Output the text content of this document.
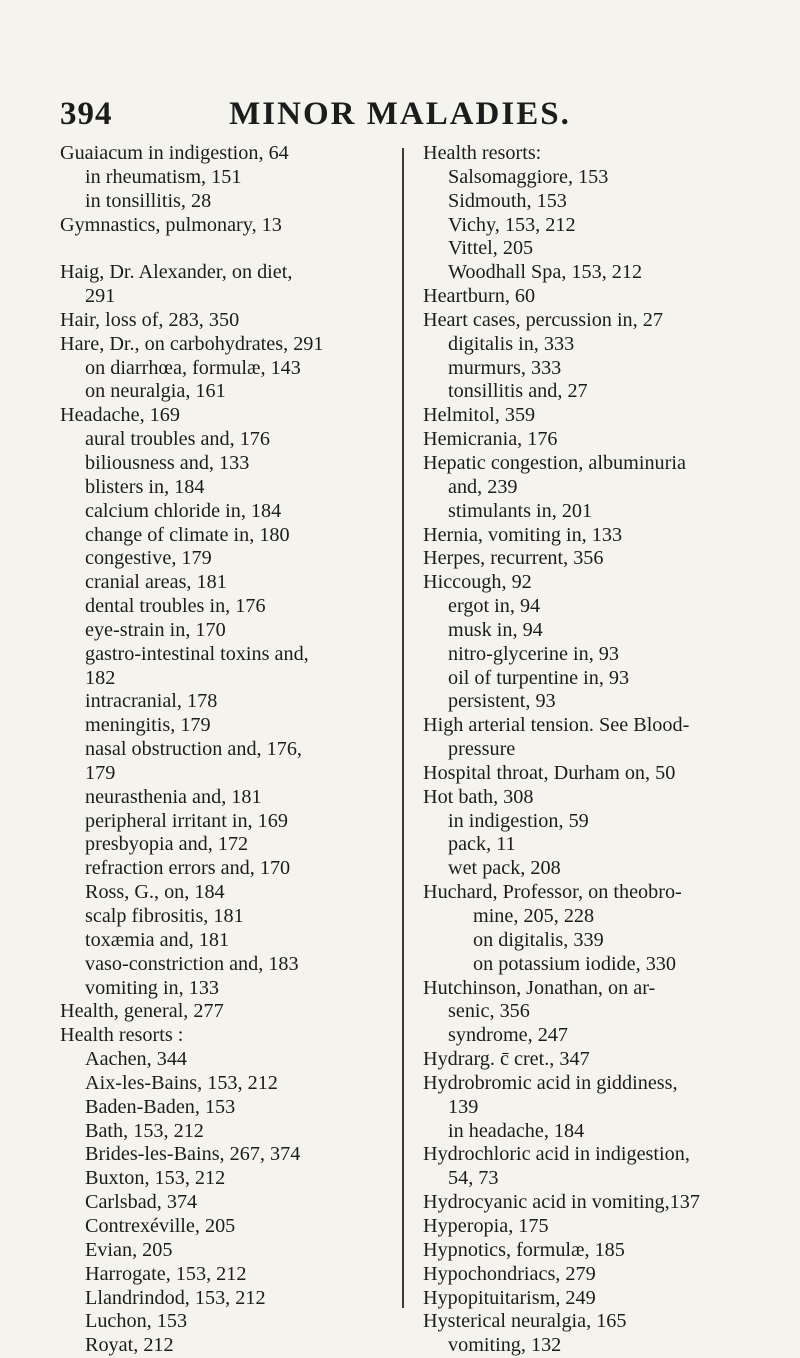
394	MINOR MALADIES.
Guaiacum in indigestion, 64
in rheumatism, 151
in tonsillitis, 28
Gymnastics, pulmonary, 13
Haig, Dr. Alexander, on diet,
291
Hair, loss of, 283, 350
Hare, Dr., on carbohydrates, 291
on diarrhœa, formulæ, 143
on neuralgia, 161
Headache, 169
aural troubles and, 176
biliousness and, 133
blisters in, 184
calcium chloride in, 184
change of climate in, 180
congestive, 179
cranial areas, 181
dental troubles in, 176
eye-strain in, 170
gastro-intestinal toxins and,
182
intracranial, 178
meningitis, 179
nasal obstruction and, 176,
179
neurasthenia and, 181
peripheral irritant in, 169
presbyopia and, 172
refraction errors and, 170
Ross, G., on, 184
scalp fibrositis, 181
toxæmia and, 181
vaso-constriction and, 183
vomiting in, 133
Health, general, 277
Health resorts :
Aachen, 344
Aix-les-Bains, 153, 212
Baden-Baden, 153
Bath, 153, 212
Brides-les-Bains, 267, 374
Buxton, 153, 212
Carlsbad, 374
Contrexéville, 205
Evian, 205
Harrogate, 153, 212
Llandrindod, 153, 212
Luchon, 153
Royat, 212
Health resorts:
Salsomaggiore, 153
Sidmouth, 153
Vichy, 153, 212
Vittel, 205
Woodhall Spa, 153, 212
Heartburn, 60
Heart cases, percussion in, 27
digitalis in, 333
murmurs, 333
tonsillitis and, 27
Helmitol, 359
Hemicrania, 176
Hepatic congestion, albuminuria
and, 239
stimulants in, 201
Hernia, vomiting in, 133
Herpes, recurrent, 356
Hiccough, 92
ergot in, 94
musk in, 94
nitro-glycerine in, 93
oil of turpentine in, 93
persistent, 93
High arterial tension. See Blood-
pressure
Hospital throat, Durham on, 50
Hot bath, 308
in indigestion, 59
pack, 11
wet pack, 208
Huchard, Professor, on theobro-
mine, 205, 228
on digitalis, 339
on potassium iodide, 330
Hutchinson, Jonathan, on ar-
senic, 356
syndrome, 247
Hydrarg. c̄ cret., 347
Hydrobromic acid in giddiness,
139
in headache, 184
Hydrochloric acid in indigestion,
54, 73
Hydrocyanic acid in vomiting,137
Hyperopia, 175
Hypnotics, formulæ, 185
Hypochondriacs, 279
Hypopituitarism, 249
Hysterical neuralgia, 165
vomiting, 132
